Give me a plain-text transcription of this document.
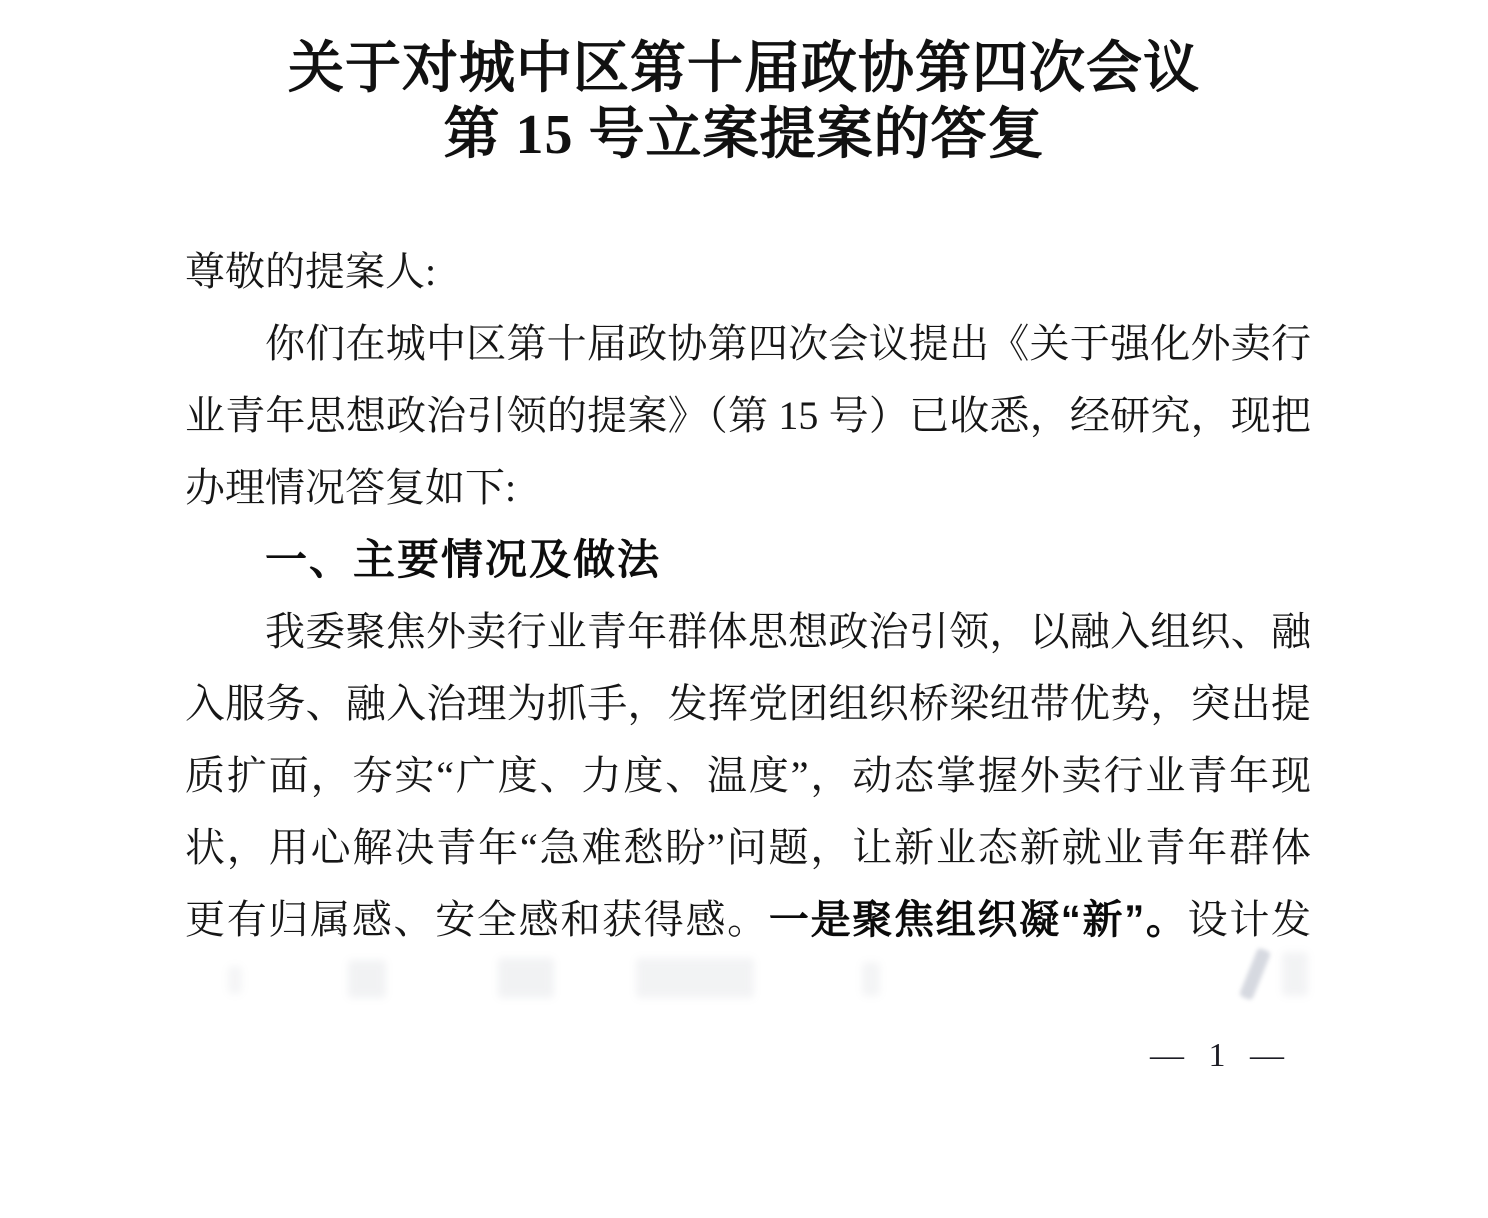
关于对城中区第十届政协第四次会议
第 15 号立案提案的答复
尊敬的提案人:
你们在城中区第十届政协第四次会议提出《关于强化外卖行
业青年思想政治引领的提案》（第 15 号）已收悉，经研究，现把
办理情况答复如下:
一、主要情况及做法
我委聚焦外卖行业青年群体思想政治引领，以融入组织、融
入服务、融入治理为抓手，发挥党团组织桥梁纽带优势，突出提
质扩面，夯实“广度、力度、温度”，动态掌握外卖行业青年现
状，用心解决青年“急难愁盼”问题，让新业态新就业青年群体
更有归属感、安全感和获得感。一是聚焦组织凝“新”。设计发
— 1 —
